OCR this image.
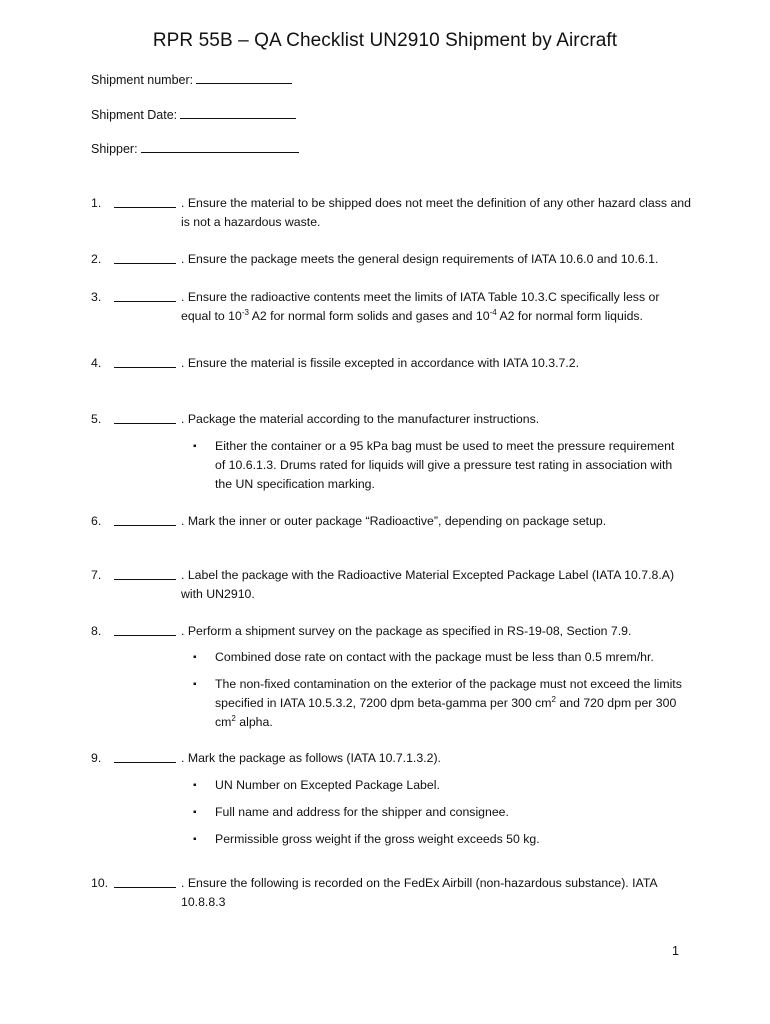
RPR 55B – QA Checklist UN2910 Shipment by Aircraft
Shipment number:
Shipment Date:
Shipper:
1.	. Ensure the material to be shipped does not meet the definition of any other hazard class and is not a hazardous waste.
2.	. Ensure the package meets the general design requirements of IATA 10.6.0 and 10.6.1.
3.	. Ensure the radioactive contents meet the limits of IATA Table 10.3.C specifically less or equal to $10^{-3}$ A2 for normal form solids and gases and $10^{-4}$ A2 for normal form liquids.
4.	. Ensure the material is fissile excepted in accordance with IATA 10.3.7.2.
5.	. Package the material according to the manufacturer instructions.
▪ Either the container or a 95 kPa bag must be used to meet the pressure requirement of 10.6.1.3. Drums rated for liquids will give a pressure test rating in association with the UN specification marking.
6.	. Mark the inner or outer package “Radioactive”, depending on package setup.
7.	. Label the package with the Radioactive Material Excepted Package Label (IATA 10.7.8.A) with UN2910.
8.	. Perform a shipment survey on the package as specified in RS-19-08, Section 7.9.
▪ Combined dose rate on contact with the package must be less than 0.5 mrem/hr.
▪ The non-fixed contamination on the exterior of the package must not exceed the limits specified in IATA 10.5.3.2, 7200 dpm beta-gamma per 300 $cm^2$ and 720 dpm per 300 $cm^2$ alpha.
9.	. Mark the package as follows (IATA 10.7.1.3.2).
▪ UN Number on Excepted Package Label.
▪ Full name and address for the shipper and consignee.
▪ Permissible gross weight if the gross weight exceeds 50 kg.
10.	. Ensure the following is recorded on the FedEx Airbill (non-hazardous substance). IATA 10.8.8.3
1
